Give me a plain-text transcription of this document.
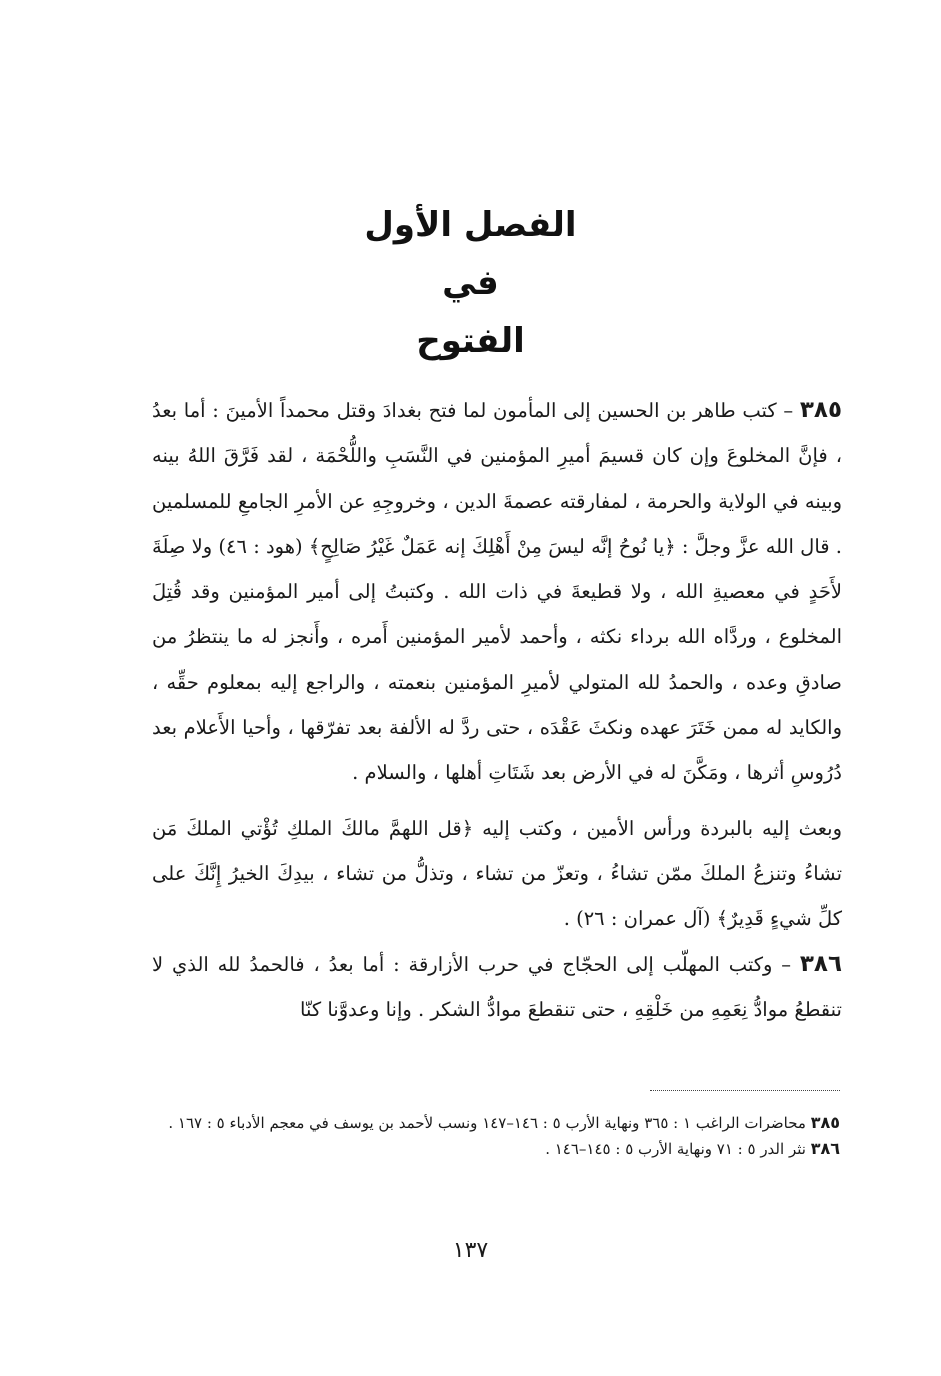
الفصل الأول
في
الفتوح

٣٨٥ – كتب طاهر بن الحسين إلى المأمون لما فتح بغدادَ وقتل محمداً الأمينَ : أما بعدُ ، فإنَّ المخلوعَ وإن كان قسيمَ أميرِ المؤمنين في النَّسَبِ واللُّحْمَة ، لقد فَرَّقَ اللهُ بينه وبينه في الولاية والحرمة ، لمفارقته عصمةَ الدين ، وخروجِهِ عن الأمرِ الجامعِ للمسلمين . قال الله عزَّ وجلَّ : ﴿يا نُوحُ إنَّه ليسَ مِنْ أَهْلِكَ إنه عَمَلٌ غَيْرُ صَالِحٍ﴾ (هود : ٤٦) ولا صِلَةَ لأَحَدٍ في معصيةِ الله ، ولا قطيعةَ في ذات الله . وكتبتُ إلى أمير المؤمنين وقد قُتِلَ المخلوع ، وردَّاه الله برداء نكثه ، وأحمد لأمير المؤمنين أَمره ، وأَنجز له ما ينتظرُ من صادقِ وعده ، والحمدُ لله المتولي لأميرِ المؤمنين بنعمته ، والراجع إليه بمعلوم حقِّه ، والكايد له ممن خَتَرَ عهده ونكثَ عَقْدَه ، حتى ردَّ له الألفة بعد تفرّقها ، وأحيا الأَعلام بعد دُرُوسِ أثرها ، ومَكَّنَ له في الأرض بعد شَتَاتِ أهلها ، والسلام .

وبعث إليه بالبردة ورأس الأمين ، وكتب إليه ﴿قل اللهمَّ مالكَ الملكِ تُؤْتي الملكَ مَن تشاءُ وتنزعُ الملكَ ممّن تشاءُ ، وتعزّ من تشاء ، وتذلُّ من تشاء ، بيدِكَ الخيرُ إِنَّكَ على كلِّ شيءٍ قَدِيرٌ﴾ (آل عمران : ٢٦) .

٣٨٦ – وكتب المهلّب إلى الحجّاج في حرب الأزارقة : أما بعدُ ، فالحمدُ لله الذي لا تنقطعُ موادُّ نِعَمِهِ من خَلْقِهِ ، حتى تنقطعَ موادُّ الشكر . وإنا وعدوَّنا كنّا

٣٨٥ محاضرات الراغب ١ : ٣٦٥ ونهاية الأرب ٥ : ١٤٦–١٤٧ ونسب لأحمد بن يوسف في معجم الأدباء ٥ : ١٦٧ .

٣٨٦ نثر الدر ٥ : ٧١ ونهاية الأرب ٥ : ١٤٥–١٤٦ .

١٣٧
